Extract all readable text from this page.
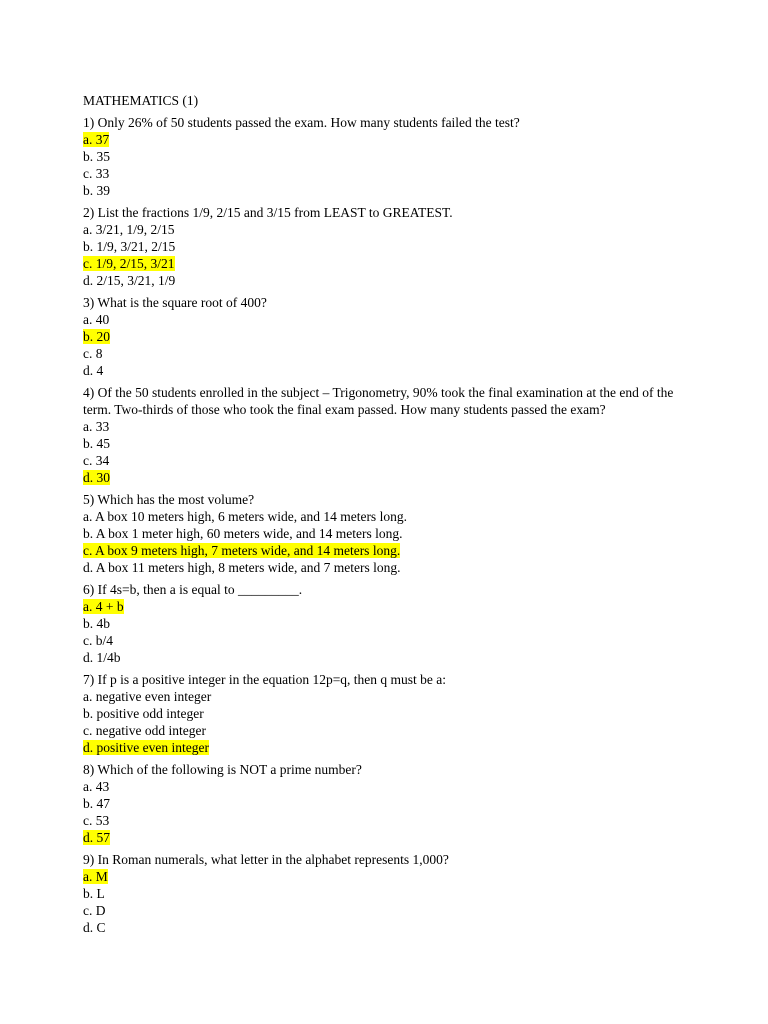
MATHEMATICS (1)
1) Only 26% of 50 students passed the exam. How many students failed the test?
a. 37
b. 35
c. 33
b. 39
2) List the fractions 1/9, 2/15 and 3/15 from LEAST to GREATEST.
a. 3/21, 1/9, 2/15
b. 1/9, 3/21, 2/15
c. 1/9, 2/15, 3/21
d. 2/15, 3/21, 1/9
3) What is the square root of 400?
a. 40
b. 20
c. 8
d. 4
4) Of the 50 students enrolled in the subject – Trigonometry, 90% took the final examination at the end of the term. Two-thirds of those who took the final exam passed. How many students passed the exam?
a. 33
b. 45
c. 34
d. 30
5) Which has the most volume?
a. A box 10 meters high, 6 meters wide, and 14 meters long.
b. A box 1 meter high, 60 meters wide, and 14 meters long.
c. A box 9 meters high, 7 meters wide, and 14 meters long.
d. A box 11 meters high, 8 meters wide, and 7 meters long.
6) If 4s=b, then a is equal to _________.
a. 4 + b
b. 4b
c. b/4
d. 1/4b
7) If p is a positive integer in the equation 12p=q, then q must be a:
a. negative even integer
b. positive odd integer
c. negative odd integer
d. positive even integer
8) Which of the following is NOT a prime number?
a. 43
b. 47
c. 53
d. 57
9) In Roman numerals, what letter in the alphabet represents 1,000?
a. M
b. L
c. D
d. C
